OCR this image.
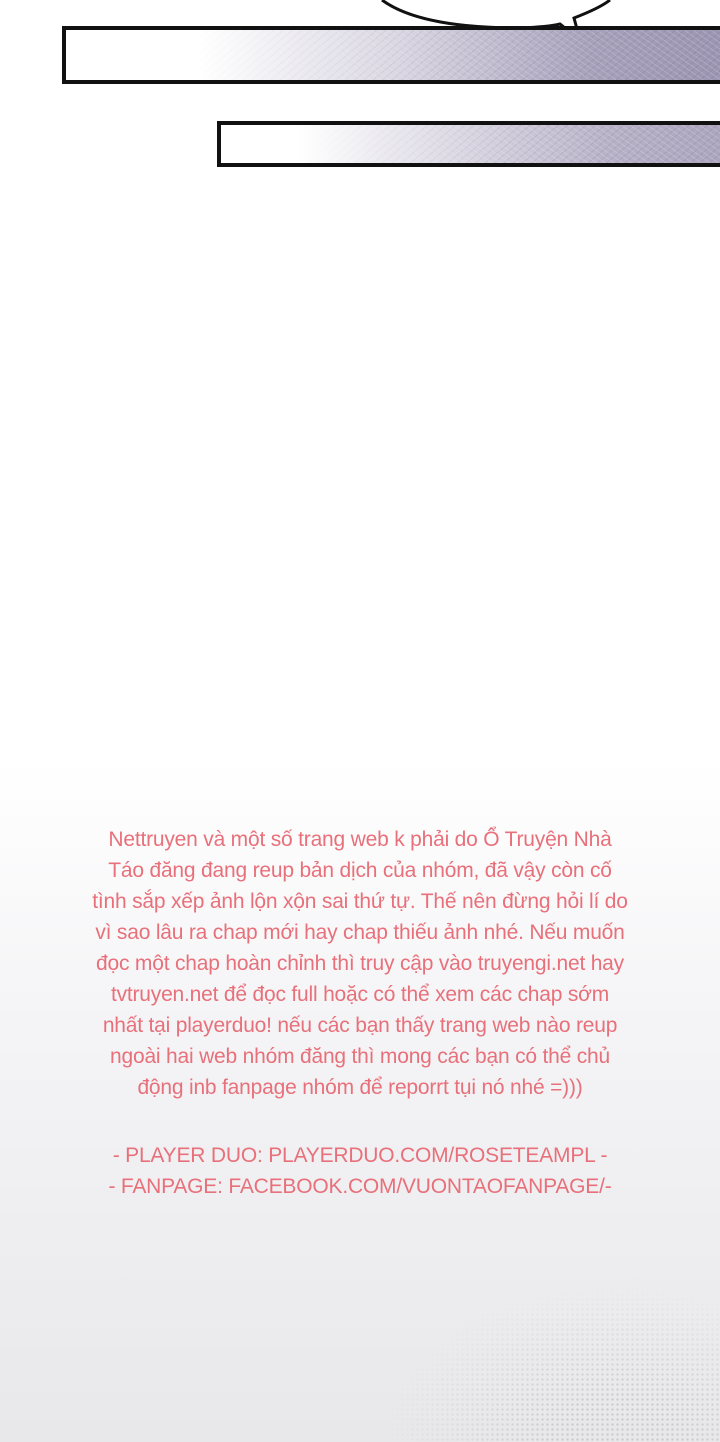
Nettruyen và một số trang web k phải do Ổ Truyện Nhà
Táo đăng đang reup bản dịch của nhóm, đã vậy còn cố
tình sắp xếp ảnh lộn xộn sai thứ tự. Thế nên đừng hỏi lí do
vì sao lâu ra chap mới hay chap thiếu ảnh nhé. Nếu muốn
đọc một chap hoàn chỉnh thì truy cập vào truyengi.net hay
tvtruyen.net để đọc full hoặc có thể xem các chap sớm
nhất tại playerduo! nếu các bạn thấy trang web nào reup
ngoài hai web nhóm đăng thì mong các bạn có thể chủ
động inb fanpage nhóm để reporrt tụi nó nhé =)))
- PLAYER DUO: PLAYERDUO.COM/ROSETEAMPL -
- FANPAGE: FACEBOOK.COM/VUONTAOFANPAGE/-
